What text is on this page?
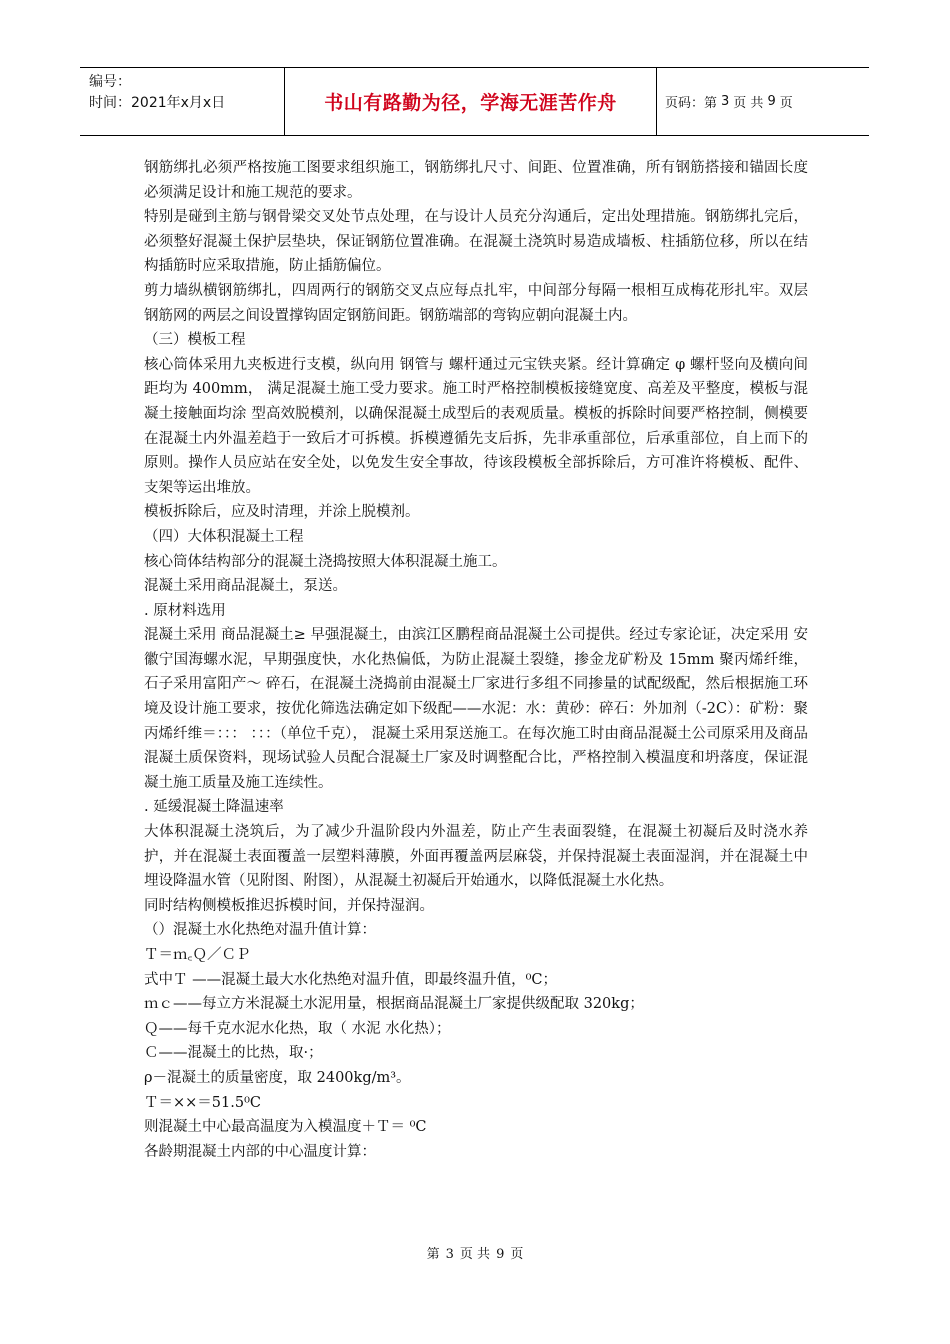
编号：
时间：2021年x月x日	书山有路勤为径，学海无涯苦作舟	页码：第 3 页 共 9 页

钢筋绑扎必须严格按施工图要求组织施工，钢筋绑扎尺寸、间距、位置准确，所有钢筋搭接和锚固长度必须满足设计和施工规范的要求。

特别是碰到主筋与钢骨梁交叉处节点处理，在与设计人员充分沟通后，定出处理措施。钢筋绑扎完后，必须整好混凝土保护层垫块，保证钢筋位置准确。在混凝土浇筑时易造成墙板、柱插筋位移，所以在结构插筋时应采取措施，防止插筋偏位。

剪力墙纵横钢筋绑扎，四周两行的钢筋交叉点应每点扎牢，中间部分每隔一根相互成梅花形扎牢。双层钢筋网的两层之间设置撑钩固定钢筋间距。钢筋端部的弯钩应朝向混凝土内。

（三）模板工程

核心筒体采用九夹板进行支模，纵向用 钢管与 螺杆通过元宝铁夹紧。经计算确定 φ 螺杆竖向及横向间距均为 400mm， 满足混凝土施工受力要求。施工时严格控制模板接缝宽度、高差及平整度，模板与混凝土接触面均涂 型高效脱模剂，以确保混凝土成型后的表观质量。模板的拆除时间要严格控制，侧模要在混凝土内外温差趋于一致后才可拆模。拆模遵循先支后拆，先非承重部位，后承重部位，自上而下的原则。操作人员应站在安全处，以免发生安全事故，待该段模板全部拆除后，方可准许将模板、配件、支架等运出堆放。

模板拆除后，应及时清理，并涂上脱模剂。

（四）大体积混凝土工程

核心筒体结构部分的混凝土浇捣按照大体积混凝土施工。

混凝土采用商品混凝土，泵送。

. 原材料选用

混凝土采用 商品混凝土≥ 早强混凝土，由滨江区鹏程商品混凝土公司提供。经过专家论证，决定采用 安徽宁国海螺水泥，早期强度快，水化热偏低，为防止混凝土裂缝，掺金龙矿粉及 15mm 聚丙烯纤维，石子采用富阳产～ 碎石，在混凝土浇捣前由混凝土厂家进行多组不同掺量的试配级配，然后根据施工环境及设计施工要求，按优化筛选法确定如下级配——水泥：水：黄砂：碎石：外加剂（-2C）：矿粉：聚丙烯纤维＝：：： ：：：（单位千克）， 混凝土采用泵送施工。在每次施工时由商品混凝土公司原采用及商品混凝土质保资料，现场试验人员配合混凝土厂家及时调整配合比，严格控制入模温度和坍落度，保证混凝土施工质量及施工连续性。

. 延缓混凝土降温速率

大体积混凝土浇筑后，为了减少升温阶段内外温差，防止产生表面裂缝，在混凝土初凝后及时浇水养护，并在混凝土表面覆盖一层塑料薄膜，外面再覆盖两层麻袋，并保持混凝土表面湿润，并在混凝土中埋设降温水管（见附图、附图），从混凝土初凝后开始通水，以降低混凝土水化热。

同时结构侧模板推迟拆模时间，并保持湿润。

（）混凝土水化热绝对温升值计算：

Ｔ＝ｍ꜀Ｑ／ＣＰ

式中Ｔ ——混凝土最大水化热绝对温升值，即最终温升值，⁰C；

ｍｃ——每立方米混凝土水泥用量，根据商品混凝土厂家提供级配取 320kg；

Ｑ——每千克水泥水化热，取（ 水泥 水化热）；

Ｃ——混凝土的比热，取·；

ρ－混凝土的质量密度，取 2400kg/m³。

Ｔ＝××＝51.5⁰C

则混凝土中心最高温度为入模温度＋Ｔ＝ ⁰C

各龄期混凝土内部的中心温度计算：

第 3 页 共 9 页
